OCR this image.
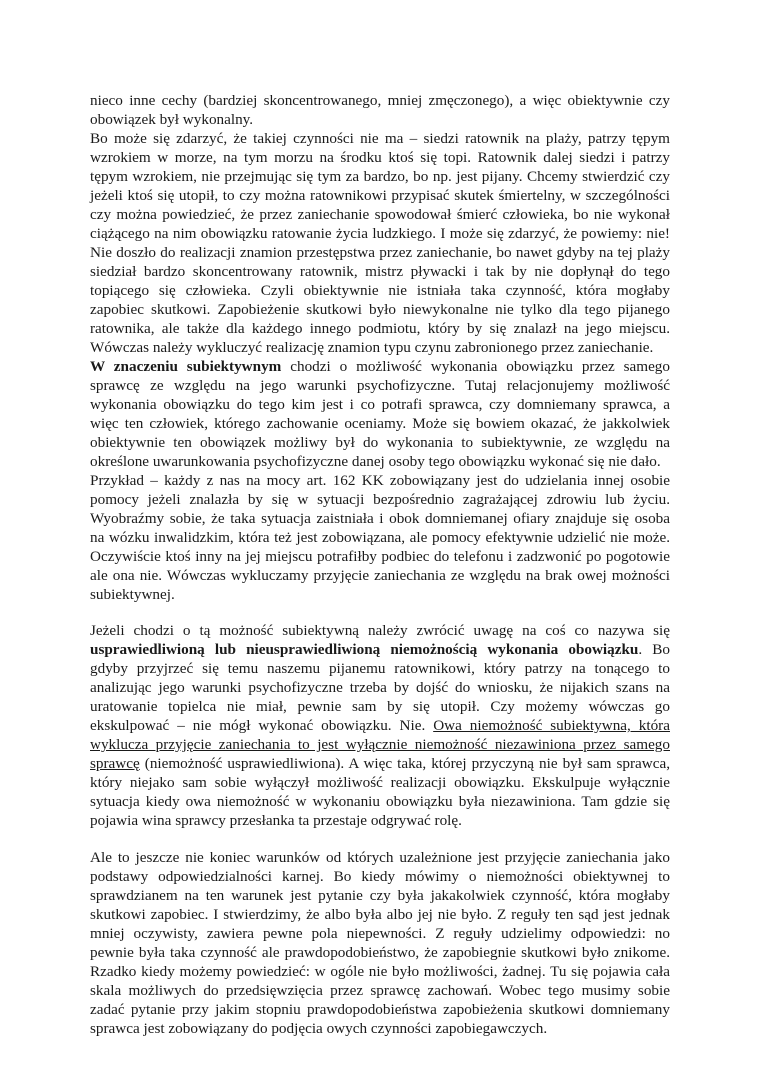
nieco inne cechy (bardziej skoncentrowanego, mniej zmęczonego), a więc obiektywnie czy
obowiązek był wykonalny.
Bo może się zdarzyć, że takiej czynności nie ma – siedzi ratownik na plaży, patrzy tępym
wzrokiem w morze, na tym morzu na środku ktoś się topi. Ratownik dalej siedzi i patrzy
tępym wzrokiem, nie przejmując się tym za bardzo, bo np. jest pijany. Chcemy stwierdzić czy
jeżeli ktoś się utopił, to czy można ratownikowi przypisać skutek śmiertelny, w szczególności
czy można powiedzieć, że przez zaniechanie spowodował śmierć człowieka, bo nie wykonał
ciążącego na nim obowiązku ratowanie życia ludzkiego. I może się zdarzyć, że powiemy: nie!
Nie doszło do realizacji znamion przestępstwa przez zaniechanie, bo nawet gdyby na tej plaży
siedział bardzo skoncentrowany ratownik, mistrz pływacki i tak by nie dopłynął do tego
topiącego się człowieka. Czyli obiektywnie nie istniała taka czynność, która mogłaby
zapobiec skutkowi. Zapobieżenie skutkowi było niewykonalne nie tylko dla tego pijanego
ratownika, ale także dla każdego innego podmiotu, który by się znalazł na jego miejscu.
Wówczas należy wykluczyć realizację znamion typu czynu zabronionego przez zaniechanie.
W znaczeniu subiektywnym chodzi o możliwość wykonania obowiązku przez samego
sprawcę ze względu na jego warunki psychofizyczne. Tutaj relacjonujemy możliwość
wykonania obowiązku do tego kim jest i co potrafi sprawca, czy domniemany sprawca, a
więc ten człowiek, którego zachowanie oceniamy. Może się bowiem okazać, że jakkolwiek
obiektywnie ten obowiązek możliwy był do wykonania to subiektywnie, ze względu na
określone uwarunkowania psychofizyczne danej osoby tego obowiązku wykonać się nie dało.
Przykład – każdy z nas na mocy art. 162 KK zobowiązany jest do udzielania innej osobie
pomocy jeżeli znalazła by się w sytuacji bezpośrednio zagrażającej zdrowiu lub życiu.
Wyobraźmy sobie, że taka sytuacja zaistniała i obok domniemanej ofiary znajduje się osoba
na wózku inwalidzkim, która też jest zobowiązana, ale pomocy efektywnie udzielić nie może.
Oczywiście ktoś inny na jej miejscu potrafiłby podbiec do telefonu i zadzwonić po pogotowie
ale ona nie. Wówczas wykluczamy przyjęcie zaniechania ze względu na brak owej możności
subiektywnej.
Jeżeli chodzi o tą możność subiektywną należy zwrócić uwagę na coś co nazywa się
usprawiedliwioną lub nieusprawiedliwioną niemożnością wykonania obowiązku. Bo
gdyby przyjrzeć się temu naszemu pijanemu ratownikowi, który patrzy na tonącego to
analizując jego warunki psychofizyczne trzeba by dojść do wniosku, że nijakich szans na
uratowanie topielca nie miał, pewnie sam by się utopił. Czy możemy wówczas go
ekskulpować – nie mógł wykonać obowiązku. Nie. Owa niemożność subiektywna, która
wyklucza przyjęcie zaniechania to jest wyłącznie niemożność niezawiniona przez samego
sprawcę (niemożność usprawiedliwiona). A więc taka, której przyczyną nie był sam sprawca,
który niejako sam sobie wyłączył możliwość realizacji obowiązku. Ekskulpuje wyłącznie
sytuacja kiedy owa niemożność w wykonaniu obowiązku była niezawiniona. Tam gdzie się
pojawia wina sprawcy przesłanka ta przestaje odgrywać rolę.
Ale to jeszcze nie koniec warunków od których uzależnione jest przyjęcie zaniechania jako
podstawy odpowiedzialności karnej. Bo kiedy mówimy o niemożności obiektywnej to
sprawdzianem na ten warunek jest pytanie czy była jakakolwiek czynność, która mogłaby
skutkowi zapobiec. I stwierdzimy, że albo była albo jej nie było. Z reguły ten sąd jest jednak
mniej oczywisty, zawiera pewne pola niepewności. Z reguły udzielimy odpowiedzi: no
pewnie była taka czynność ale prawdopodobieństwo, że zapobiegnie skutkowi było znikome.
Rzadko kiedy możemy powiedzieć: w ogóle nie było możliwości, żadnej. Tu się pojawia cała
skala możliwych do przedsięwzięcia przez sprawcę zachowań. Wobec tego musimy sobie
zadać pytanie przy jakim stopniu prawdopodobieństwa zapobieżenia skutkowi domniemany
sprawca jest zobowiązany do podjęcia owych czynności zapobiegawczych.
